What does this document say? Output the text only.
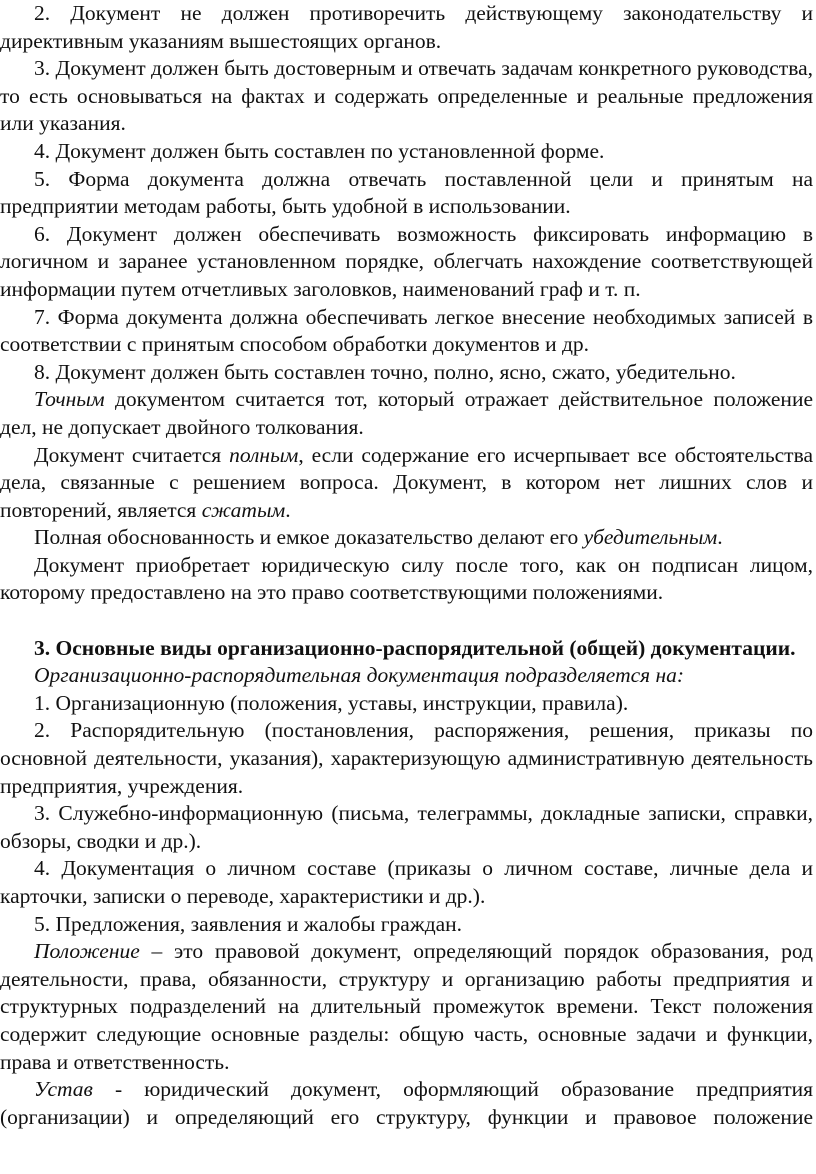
2. Документ не должен противоречить действующему законодательству и директивным указаниям вышестоящих органов.

3. Документ должен быть достоверным и отвечать задачам конкретного руководства, то есть основываться на фактах и содержать определенные и реальные предложения или указания.

4. Документ должен быть составлен по установленной форме.

5. Форма документа должна отвечать поставленной цели и принятым на предприятии методам работы, быть удобной в использовании.

6. Документ должен обеспечивать возможность фиксировать информацию в логичном и заранее установленном порядке, облегчать нахождение соответствующей информации путем отчетливых заголовков, наименований граф и т. п.

7. Форма документа должна обеспечивать легкое внесение необходимых записей в соответствии с принятым способом обработки документов и др.

8. Документ должен быть составлен точно, полно, ясно, сжато, убедительно.

Точным документом считается тот, который отражает действительное положение дел, не допускает двойного толкования.

Документ считается полным, если содержание его исчерпывает все обстоятельства дела, связанные с решением вопроса. Документ, в котором нет лишних слов и повторений, является сжатым.

Полная обоснованность и емкое доказательство делают его убедительным.

Документ приобретает юридическую силу после того, как он подписан лицом, которому предоставлено на это право соответствующими положениями.

3. Основные виды организационно-распорядительной (общей) документации.

Организационно-распорядительная документация подразделяется на:

1. Организационную (положения, уставы, инструкции, правила).

2. Распорядительную (постановления, распоряжения, решения, приказы по основной деятельности, указания), характеризующую административную деятельность предприятия, учреждения.

3. Служебно-информационную (письма, телеграммы, докладные записки, справки, обзоры, сводки и др.).

4. Документация о личном составе (приказы о личном составе, личные дела и карточки, записки о переводе, характеристики и др.).

5. Предложения, заявления и жалобы граждан.

Положение – это правовой документ, определяющий порядок образования, род деятельности, права, обязанности, структуру и организацию работы предприятия и структурных подразделений на длительный промежуток времени. Текст положения содержит следующие основные разделы: общую часть, основные задачи и функции, права и ответственность.

Устав - юридический документ, оформляющий образование предприятия
(организации) и определяющий его структуру, функции и правовое положение
